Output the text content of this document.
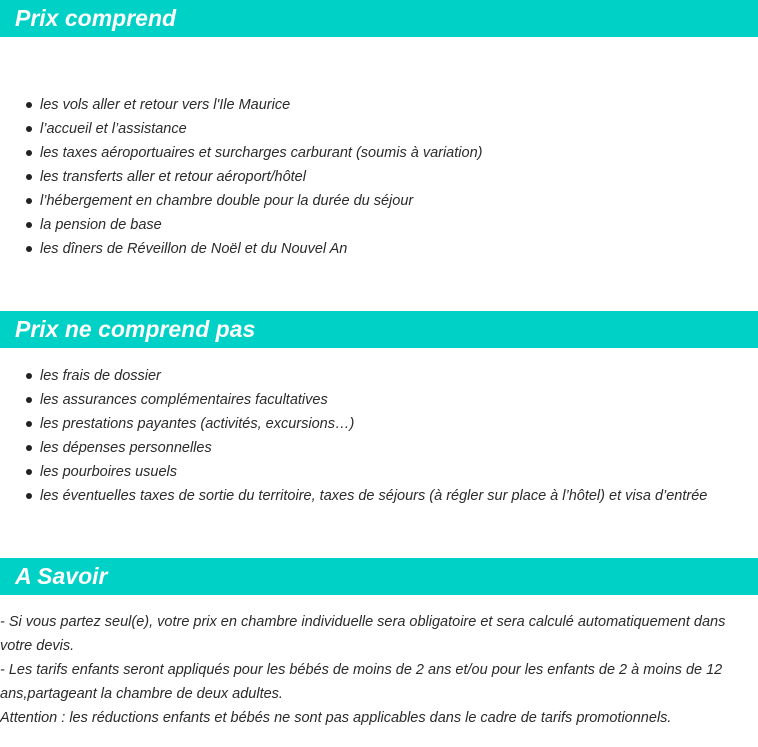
Prix comprend
les vols aller et retour vers l'Ile Maurice
l’accueil et l’assistance
les taxes aéroportuaires et surcharges carburant (soumis à variation)
les transferts aller et retour aéroport/hôtel
l’hébergement en chambre double pour la durée du séjour
la pension de base
les dîners de Réveillon de Noël et du Nouvel An
Prix ne comprend pas
les frais de dossier
les assurances complémentaires facultatives
les prestations payantes (activités, excursions…)
les dépenses personnelles
les pourboires usuels
les éventuelles taxes de sortie du territoire, taxes de séjours (à régler sur place à l’hôtel) et visa d’entrée
A Savoir

- Si vous partez seul(e), votre prix en chambre individuelle sera obligatoire et sera calculé automatiquement dans votre devis.

- Les tarifs enfants seront appliqués pour les bébés de moins de 2 ans et/ou pour les enfants de 2 à moins de 12 ans,partageant la chambre de deux adultes.

Attention : les réductions enfants et bébés ne sont pas applicables dans le cadre de tarifs promotionnels.
